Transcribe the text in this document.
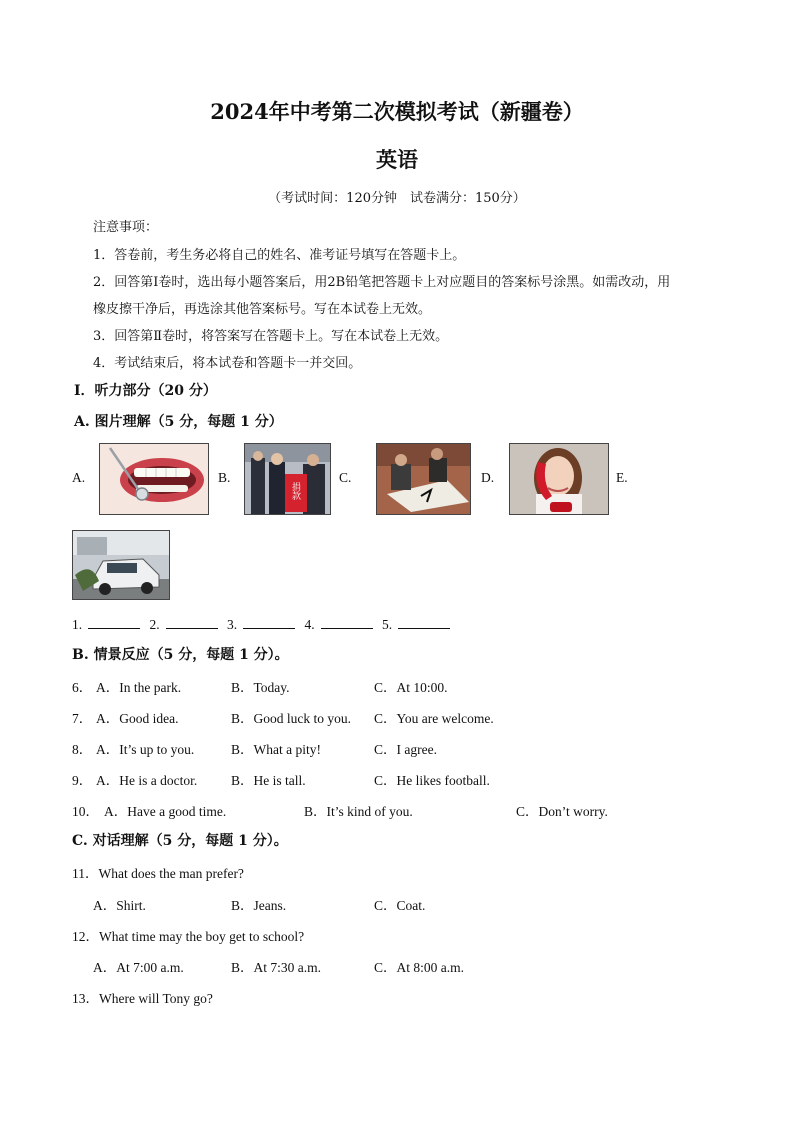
2024年中考第二次模拟考试（新疆卷）
英语
（考试时间：120分钟　试卷满分：150分）
注意事项：
1．答卷前，考生务必将自己的姓名、准考证号填写在答题卡上。
2．回答第Ⅰ卷时，选出每小题答案后，用2B铅笔把答题卡上对应题目的答案标号涂黑。如需改动，用
橡皮擦干净后，再选涂其他答案标号。写在本试卷上无效。
3．回答第Ⅱ卷时，将答案写在答题卡上。写在本试卷上无效。
4．考试结束后，将本试卷和答题卡一并交回。
Ⅰ．听力部分（20 分）
A. 图片理解（5 分，每题 1 分）
A.	B.	C.	D.	E.
捐款
1.	2.	3.	4.	5.
B. 情景反应（5 分，每题 1 分）。
6． A．In the park.	B．Today.	C．At 10:00.
7． A．Good idea.	B．Good luck to you. C．You are welcome.
8． A．It’s up to you.	B．What a pity!	C．I agree.
9． A．He is a doctor.	B．He is tall.	C．He likes football.
10． A．Have a good time.	B．It’s kind of you.	C．Don’t worry.
C. 对话理解（5 分，每题 1 分）。
11．What does the man prefer?
A．Shirt.	B．Jeans.	C．Coat.
12．What time may the boy get to school?
A．At 7:00 a.m.	B．At 7:30 a.m.	C．At 8:00 a.m.
13．Where will Tony go?
